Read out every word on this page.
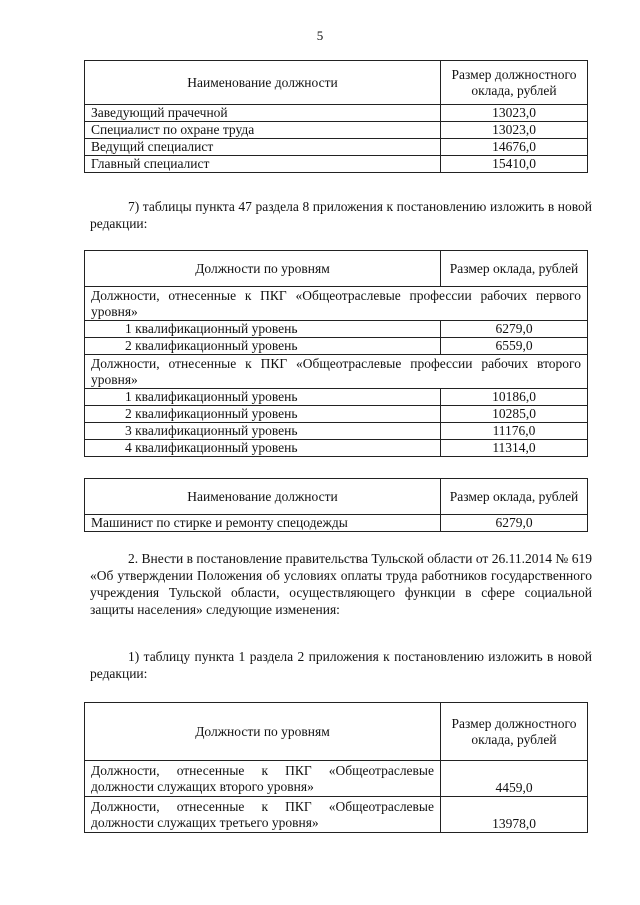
5
Наименование должности	Размер должностного оклада, рублей
Заведующий прачечной	13023,0
Специалист по охране труда	13023,0
Ведущий специалист	14676,0
Главный специалист	15410,0
7) таблицы пункта 47 раздела 8 приложения к постановлению изложить в новой редакции:
Должности по уровням	Размер оклада, рублей
Должности, отнесенные к ПКГ «Общеотраслевые профессии рабочих первого уровня»	
1 квалификационный уровень	6279,0
2 квалификационный уровень	6559,0
Должности, отнесенные к ПКГ «Общеотраслевые профессии рабочих второго уровня»	
1 квалификационный уровень	10186,0
2 квалификационный уровень	10285,0
3 квалификационный уровень	11176,0
4 квалификационный уровень	11314,0
Наименование должности	Размер оклада, рублей
Машинист по стирке и ремонту спецодежды	6279,0
2. Внести в постановление правительства Тульской области от 26.11.2014 № 619 «Об утверждении Положения об условиях оплаты труда работников государственного учреждения Тульской области, осуществляющего функции в сфере социальной защиты населения» следующие изменения:
1) таблицу пункта 1 раздела 2 приложения к постановлению изложить в новой редакции:
Должности по уровням	Размер должностного оклада, рублей
Должности, отнесенные к ПКГ «Общеотраслевые должности служащих второго уровня»	4459,0
Должности, отнесенные к ПКГ «Общеотраслевые должности служащих третьего уровня»	13978,0
